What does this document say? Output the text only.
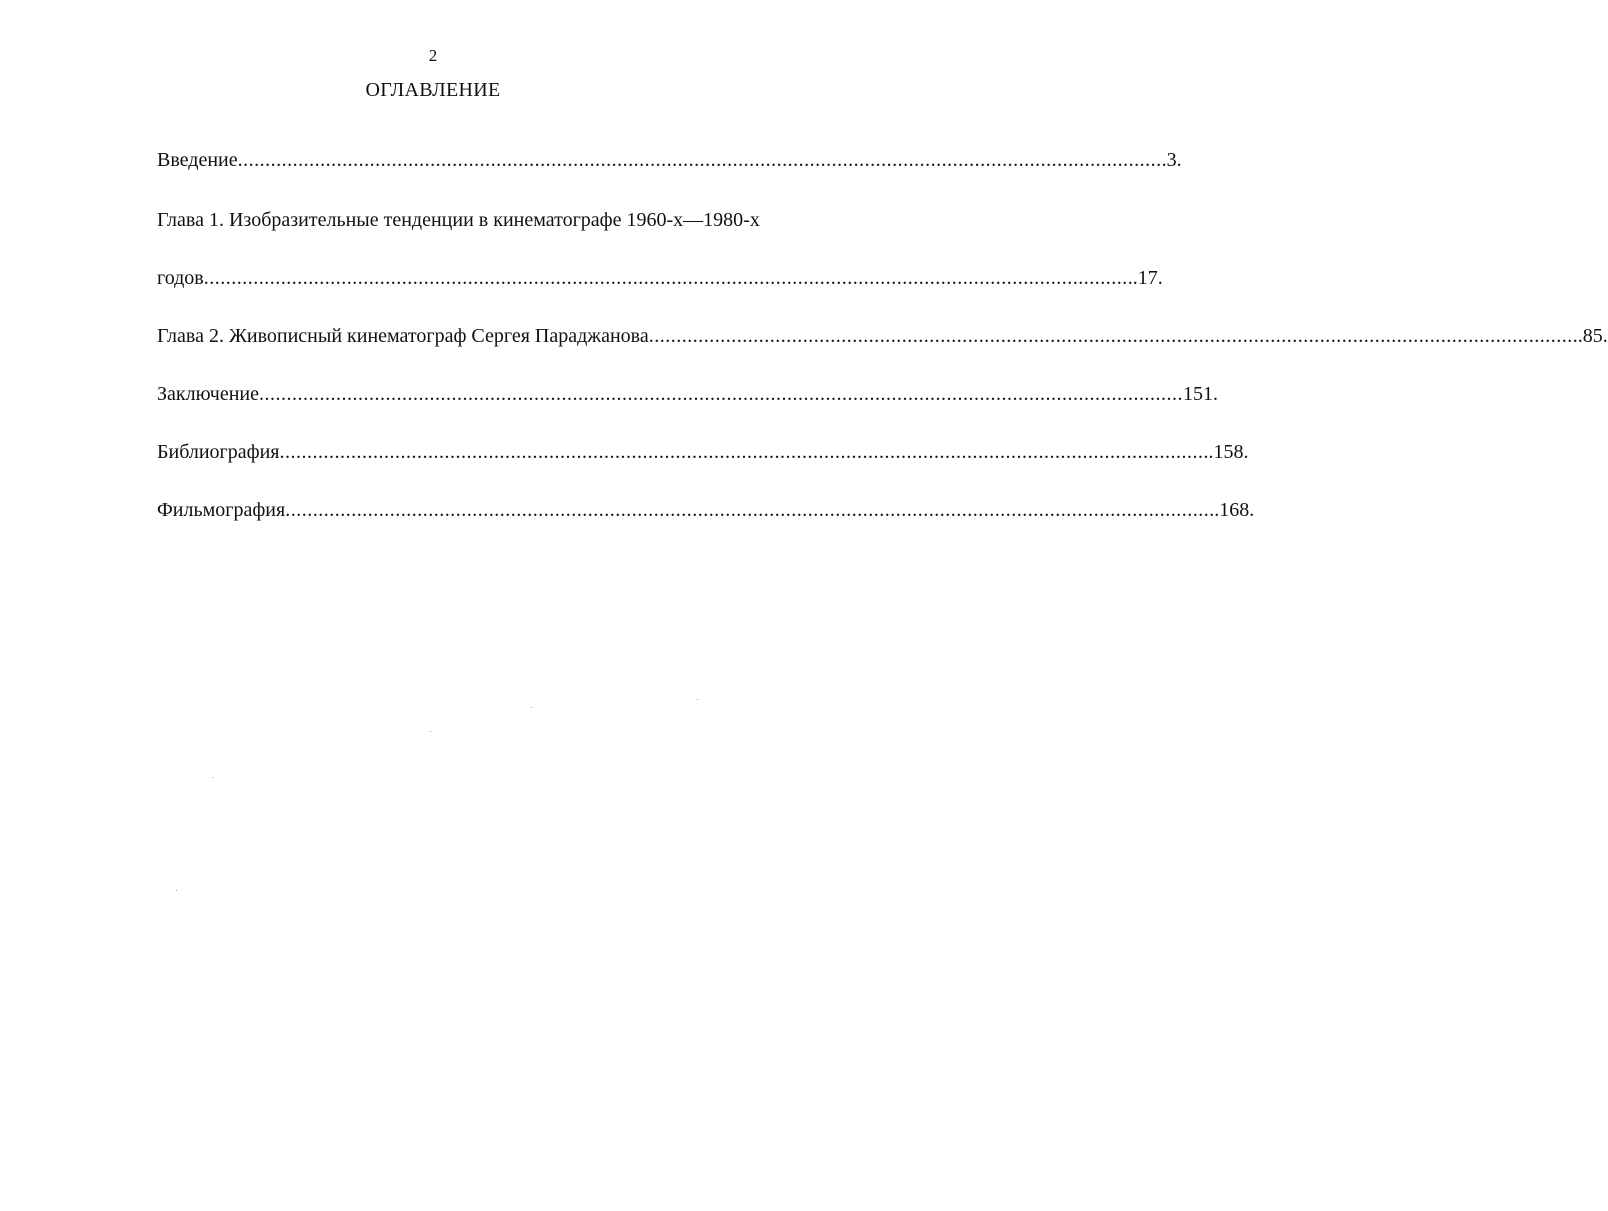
2
ОГЛАВЛЕНИЕ
Введение ........................................................................................................................................................................ .3.
Глава 1. Изобразительные тенденции в кинематографе 1960-х—1980-х
годов ........................................................................................................................................................................ ..17.
Глава 2. Живописный кинематограф Сергея Параджанова ........................................................................................................................................................................ ..85.
Заключение ........................................................................................................................................................................ 151.
Библиография ........................................................................................................................................................................ ..158.
Фильмография ........................................................................................................................................................................ ..168.
